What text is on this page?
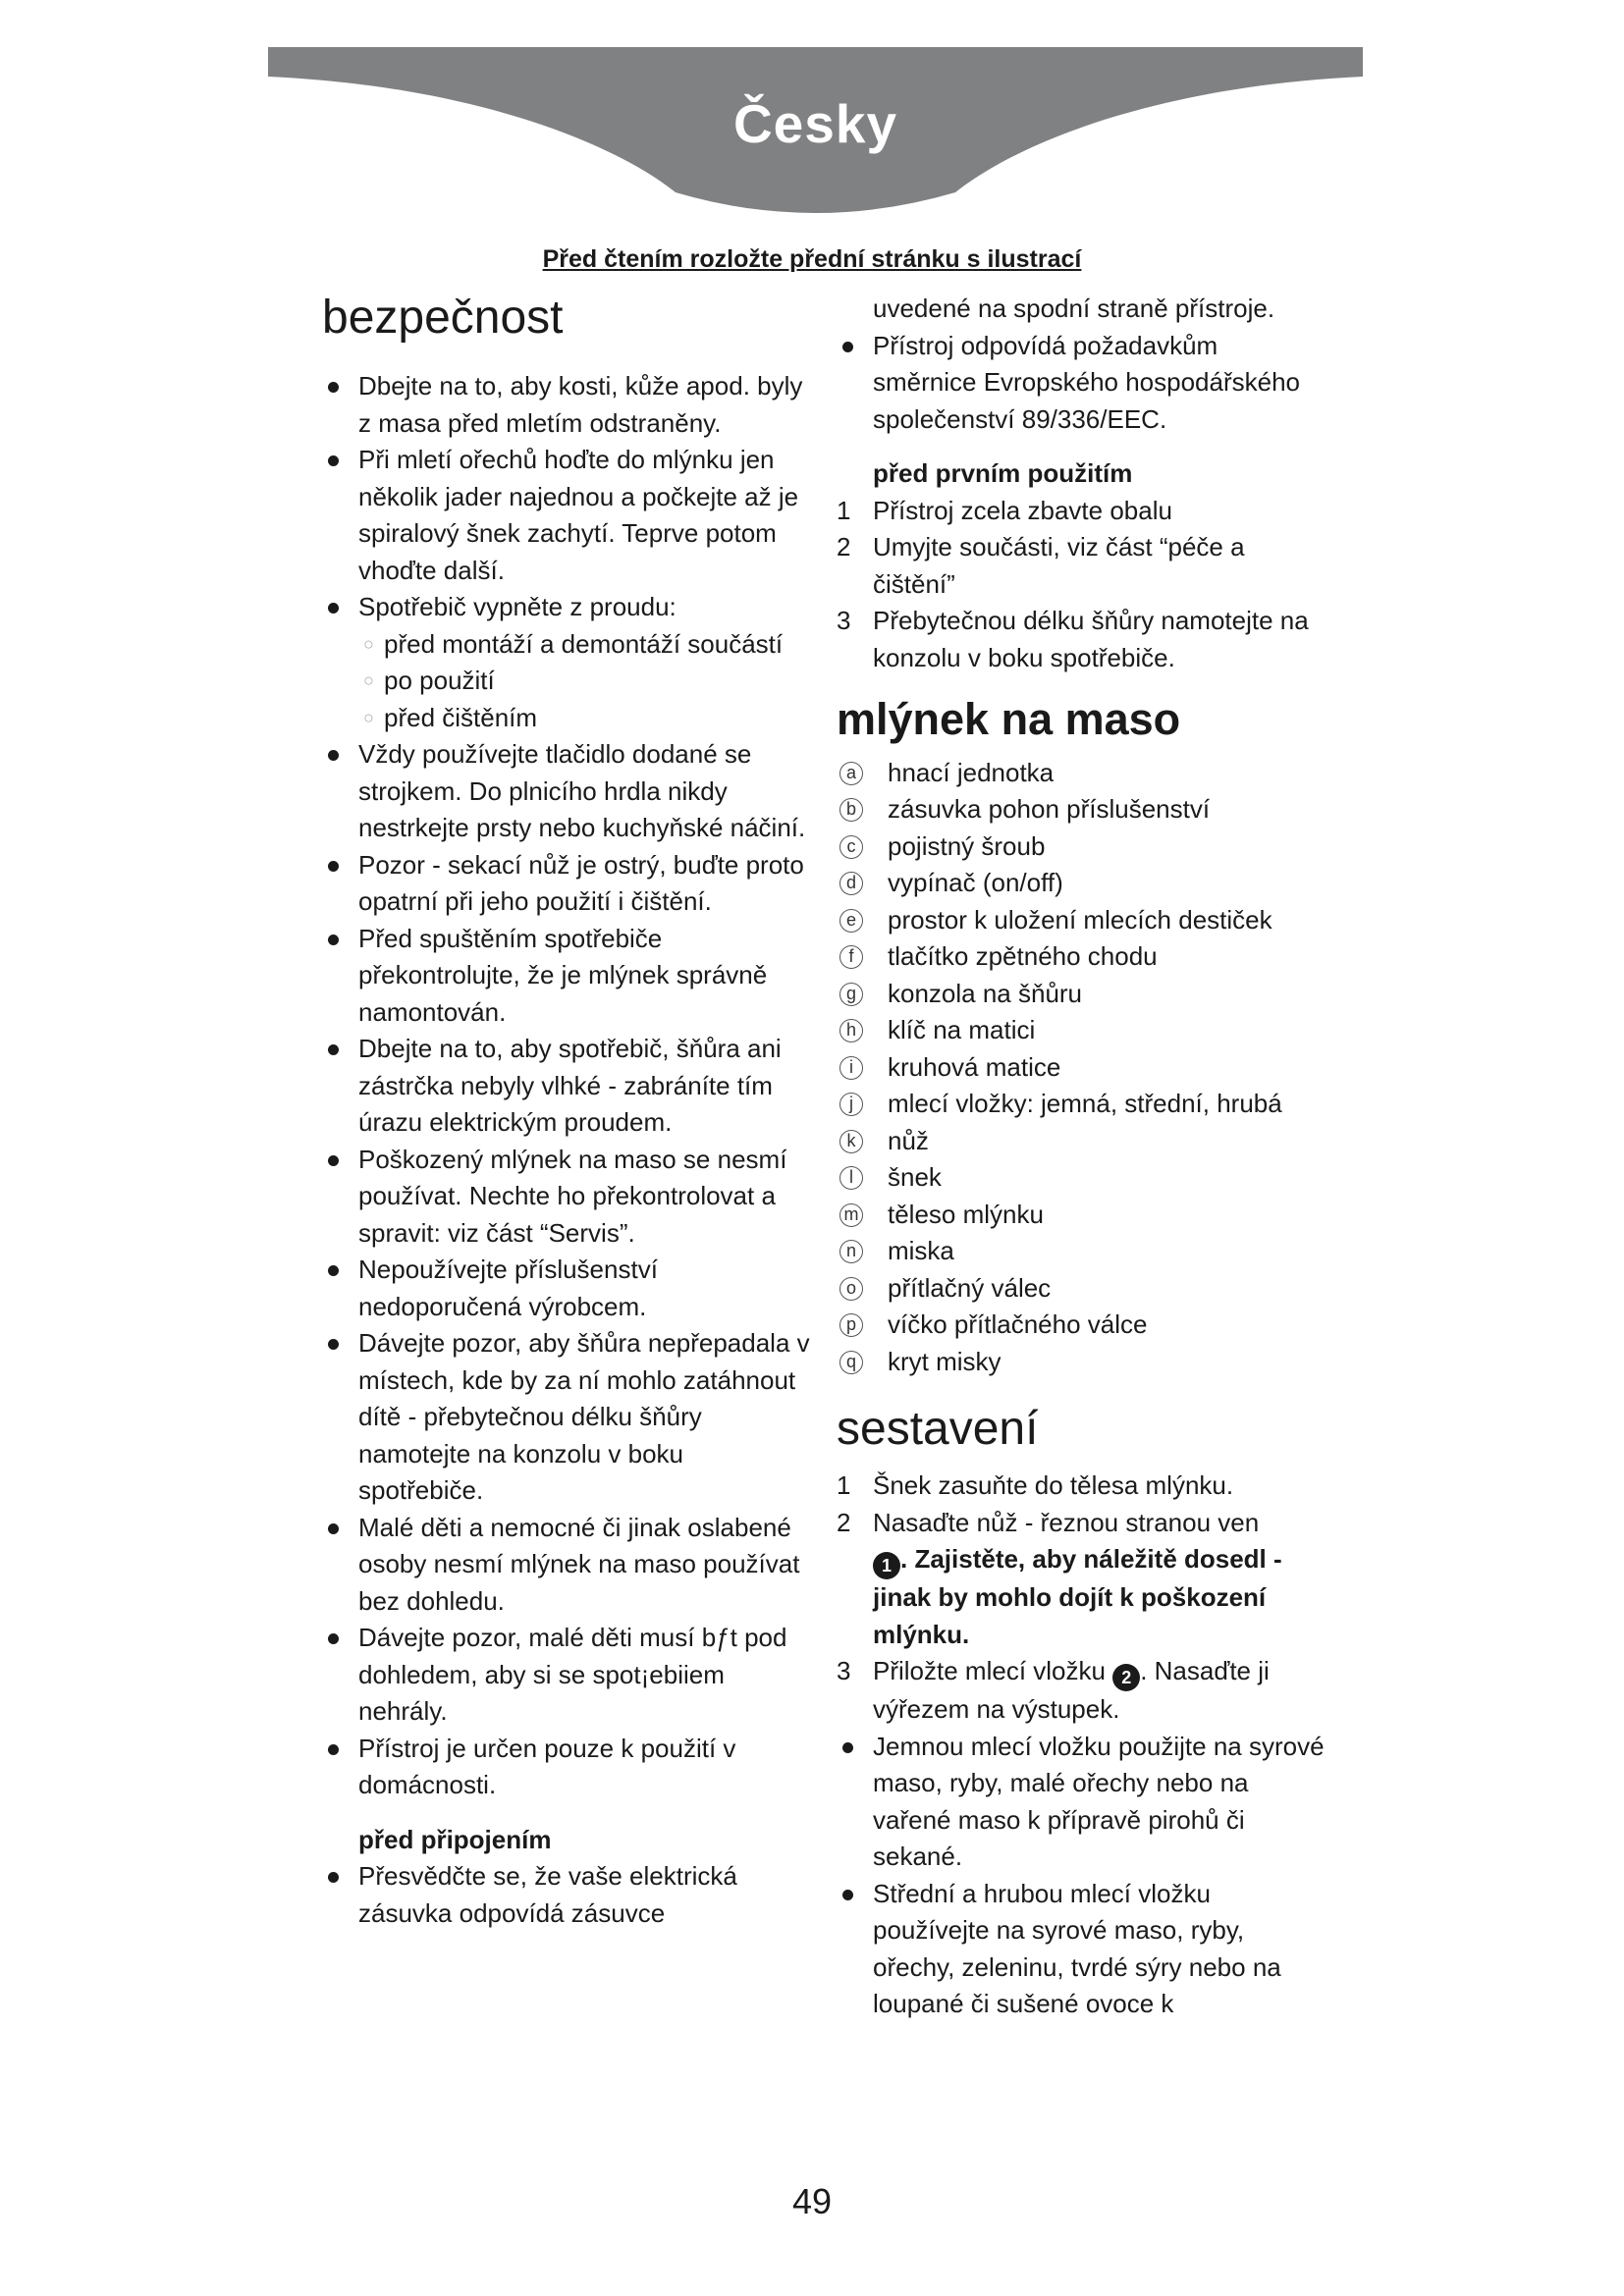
Česky
Před čtením rozložte přední stránku s ilustrací
bezpečnost
Dbejte na to, aby kosti, kůže apod. byly z masa před mletím odstraněny.
Při mletí ořechů hoďte do mlýnku jen několik jader najednou a počkejte až je spiralový šnek zachytí. Teprve potom vhoďte další.
Spotřebič vypněte z proudu:
○ před montáží a demontáží součástí
○ po použití
○ před čištěním
Vždy používejte tlačidlo dodané se strojkem. Do plnicího hrdla nikdy nestrkejte prsty nebo kuchyňské náčiní.
Pozor - sekací nůž je ostrý, buďte proto opatrní při jeho použití i čištění.
Před spuštěním spotřebiče překontrolujte, že je mlýnek správně namontován.
Dbejte na to, aby spotřebič, šňůra ani zástrčka nebyly vlhké - zabráníte tím úrazu elektrickým proudem.
Poškozený mlýnek na maso se nesmí používat. Nechte ho překontrolovat a spravit: viz část “Servis”.
Nepoužívejte příslušenství nedoporučená výrobcem.
Dávejte pozor, aby šňůra nepřepadala v místech, kde by za ní mohlo zatáhnout dítě - přebytečnou délku šňůry namotejte na konzolu v boku spotřebiče.
Malé děti a nemocné či jinak oslabené osoby nesmí mlýnek na maso používat bez dohledu.
Dávejte pozor, malé děti musí bƒt pod dohledem, aby si se spot¡ebiiem nehrály.
Přístroj je určen pouze k použití v domácnosti.
před připojením
Přesvědčte se, že vaše elektrická zásuvka odpovídá zásuvce
uvedené na spodní straně přístroje.
Přístroj odpovídá požadavkům směrnice Evropského hospodářského společenství 89/336/EEC.
před prvním použitím
1 Přístroj zcela zbavte obalu
2 Umyjte součásti, viz část “péče a čištění”
3 Přebytečnou délku šňůry namotejte na konzolu v boku spotřebiče.
mlýnek na maso
a hnací jednotka
b zásuvka pohon příslušenství
c pojistný šroub
d vypínač (on/off)
e prostor k uložení mlecích destiček
f	tlačítko zpětného chodu
g konzola na šňůru
h klíč na matici
i	kruhová matice
j	mlecí vložky: jemná, střední, hrubá
k nůž
l	šnek
m těleso mlýnku
n miska
o přítlačný válec
p víčko přítlačného válce
q kryt misky
sestavení
1 Šnek zasuňte do tělesa mlýnku.
2 Nasaďte nůž - řeznou stranou ven
1 . Zajistěte, aby náležitě dosedl - jinak by mohlo dojít k poškození mlýnku.
3 Přiložte mlecí vložku 2 . Nasaďte ji výřezem na výstupek.
Jemnou mlecí vložku použijte na syrové maso, ryby, malé ořechy nebo na vařené maso k přípravě pirohů či sekané.
Střední a hrubou mlecí vložku používejte na syrové maso, ryby, ořechy, zeleninu, tvrdé sýry nebo na loupané či sušené ovoce k
49
